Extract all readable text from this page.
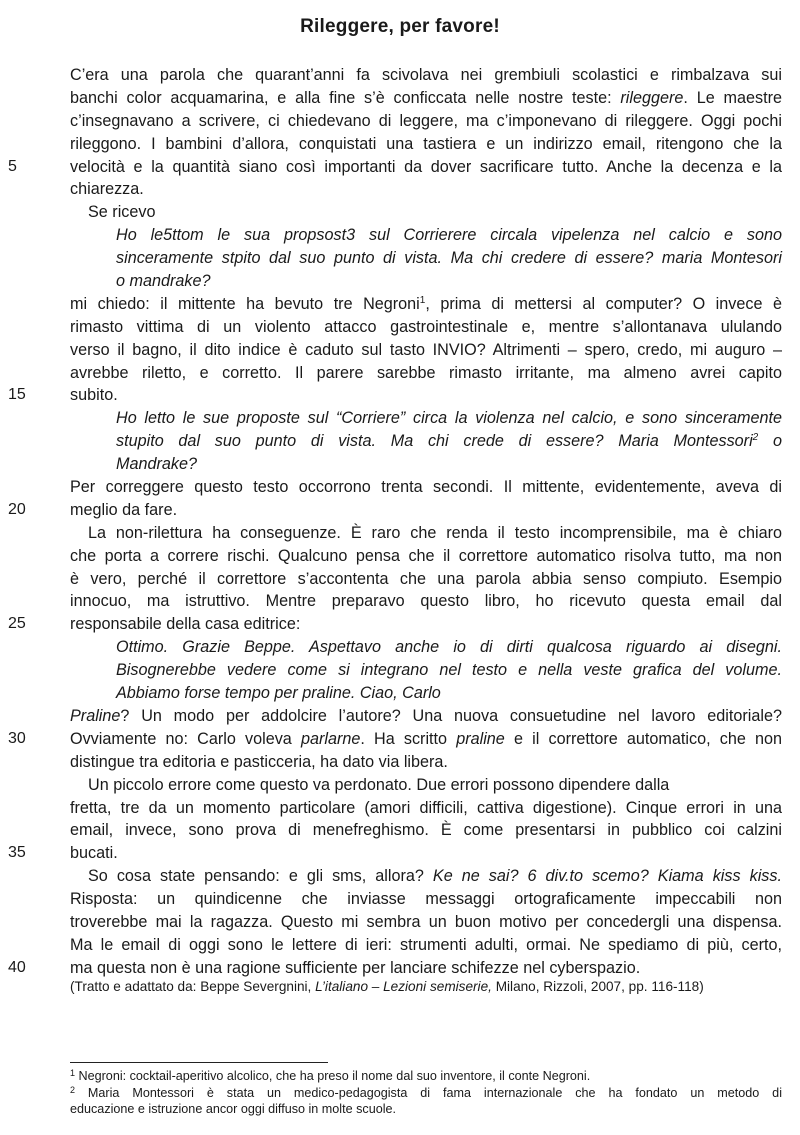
Rileggere, per favore!
C’era una parola che quarant’anni fa scivolava nei grembiuli scolastici e rimbalzava sui
banchi color acquamarina, e alla fine s’è conficcata nelle nostre teste: rileggere. Le maestre
c’insegnavano a scrivere, ci chiedevano di leggere, ma c’imponevano di rileggere. Oggi pochi
rileggono. I bambini d’allora, conquistati una tastiera e un indirizzo email, ritengono che la
5	velocità e la quantità siano così importanti da dover sacrificare tutto. Anche la decenza e la
chiarezza.
Se ricevo
Ho le5ttom le sua propsost3 sul Corrierere circala vipelenza nel calcio e sono
sinceramente stpito dal suo punto di vista. Ma chi credere di essere? maria Montesori
o mandrake?
mi chiedo: il mittente ha bevuto tre Negroni$^1$, prima di mettersi al computer? O invece è
rimasto vittima di un violento attacco gastrointestinale e, mentre s’allontanava ululando
verso il bagno, il dito indice è caduto sul tasto INVIO? Altrimenti – spero, credo, mi auguro –
avrebbe riletto, e corretto. Il parere sarebbe rimasto irritante, ma almeno avrei capito
15	subito.
Ho letto le sue proposte sul “Corriere” circa la violenza nel calcio, e sono sinceramente
stupito dal suo punto di vista. Ma chi crede di essere? Maria Montessori$^2$ o
Mandrake?
Per correggere questo testo occorrono trenta secondi. Il mittente, evidentemente, aveva di
20	meglio da fare.
La non-rilettura ha conseguenze. È raro che renda il testo incomprensibile, ma è chiaro
che porta a correre rischi. Qualcuno pensa che il correttore automatico risolva tutto, ma non
è vero, perché il correttore s’accontenta che una parola abbia senso compiuto. Esempio
innocuo, ma istruttivo. Mentre preparavo questo libro, ho ricevuto questa email dal
25	responsabile della casa editrice:
Ottimo. Grazie Beppe. Aspettavo anche io di dirti qualcosa riguardo ai disegni.
Bisognerebbe vedere come si integrano nel testo e nella veste grafica del volume.
Abbiamo forse tempo per praline. Ciao, Carlo
Praline? Un modo per addolcire l’autore? Una nuova consuetudine nel lavoro editoriale?
30	Ovviamente no: Carlo voleva parlarne. Ha scritto praline e il correttore automatico, che non
distingue tra editoria e pasticceria, ha dato via libera.
Un piccolo errore come questo va perdonato. Due errori possono dipendere dalla
fretta, tre da un momento particolare (amori difficili, cattiva digestione). Cinque errori in una
email, invece, sono prova di menefreghismo. È come presentarsi in pubblico coi calzini
35	bucati.
So cosa state pensando: e gli sms, allora? Ke ne sai? 6 div.to scemo? Kiama kiss kiss.
Risposta: un quindicenne che inviasse messaggi ortograficamente impeccabili non
troverebbe mai la ragazza. Questo mi sembra un buon motivo per concedergli una dispensa.
Ma le email di oggi sono le lettere di ieri: strumenti adulti, ormai. Ne spediamo di più, certo,
40	ma questa non è una ragione sufficiente per lanciare schifezze nel cyberspazio.
(Tratto e adattato da: Beppe Severgnini, L’italiano – Lezioni semiserie, Milano, Rizzoli, 2007, pp. 116-118)
$^1$ Negroni: cocktail-aperitivo alcolico, che ha preso il nome dal suo inventore, il conte Negroni.
$^2$ Maria Montessori è stata un medico-pedagogista di fama internazionale che ha fondato un metodo di
educazione e istruzione ancor oggi diffuso in molte scuole.
